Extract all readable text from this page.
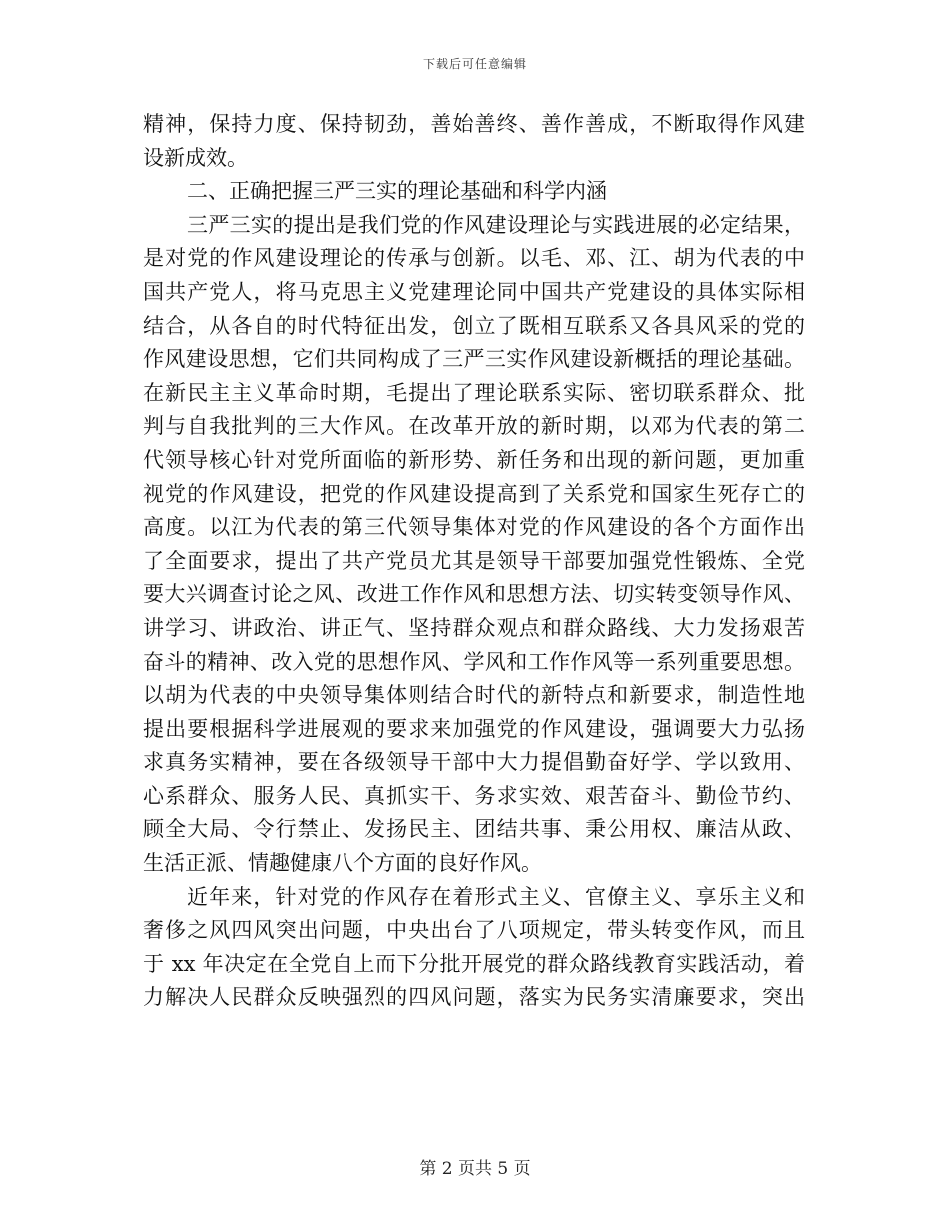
下载后可任意编辑
精神，保持力度、保持韧劲，善始善终、善作善成，不断取得作风建
设新成效。
二、正确把握三严三实的理论基础和科学内涵
三严三实的提出是我们党的作风建设理论与实践进展的必定结果，
是对党的作风建设理论的传承与创新。以毛、邓、江、胡为代表的中
国共产党人，将马克思主义党建理论同中国共产党建设的具体实际相
结合，从各自的时代特征出发，创立了既相互联系又各具风采的党的
作风建设思想，它们共同构成了三严三实作风建设新概括的理论基础。
在新民主主义革命时期，毛提出了理论联系实际、密切联系群众、批
判与自我批判的三大作风。在改革开放的新时期，以邓为代表的第二
代领导核心针对党所面临的新形势、新任务和出现的新问题，更加重
视党的作风建设，把党的作风建设提高到了关系党和国家生死存亡的
高度。以江为代表的第三代领导集体对党的作风建设的各个方面作出
了全面要求，提出了共产党员尤其是领导干部要加强党性锻炼、全党
要大兴调查讨论之风、改进工作作风和思想方法、切实转变领导作风、
讲学习、讲政治、讲正气、坚持群众观点和群众路线、大力发扬艰苦
奋斗的精神、改入党的思想作风、学风和工作作风等一系列重要思想。
以胡为代表的中央领导集体则结合时代的新特点和新要求，制造性地
提出要根据科学进展观的要求来加强党的作风建设，强调要大力弘扬
求真务实精神，要在各级领导干部中大力提倡勤奋好学、学以致用、
心系群众、服务人民、真抓实干、务求实效、艰苦奋斗、勤俭节约、
顾全大局、令行禁止、发扬民主、团结共事、秉公用权、廉洁从政、
生活正派、情趣健康八个方面的良好作风。
近年来，针对党的作风存在着形式主义、官僚主义、享乐主义和
奢侈之风四风突出问题，中央出台了八项规定，带头转变作风，而且
于 xx 年决定在全党自上而下分批开展党的群众路线教育实践活动，着
力解决人民群众反映强烈的四风问题，落实为民务实清廉要求，突出
第 2 页共 5 页
